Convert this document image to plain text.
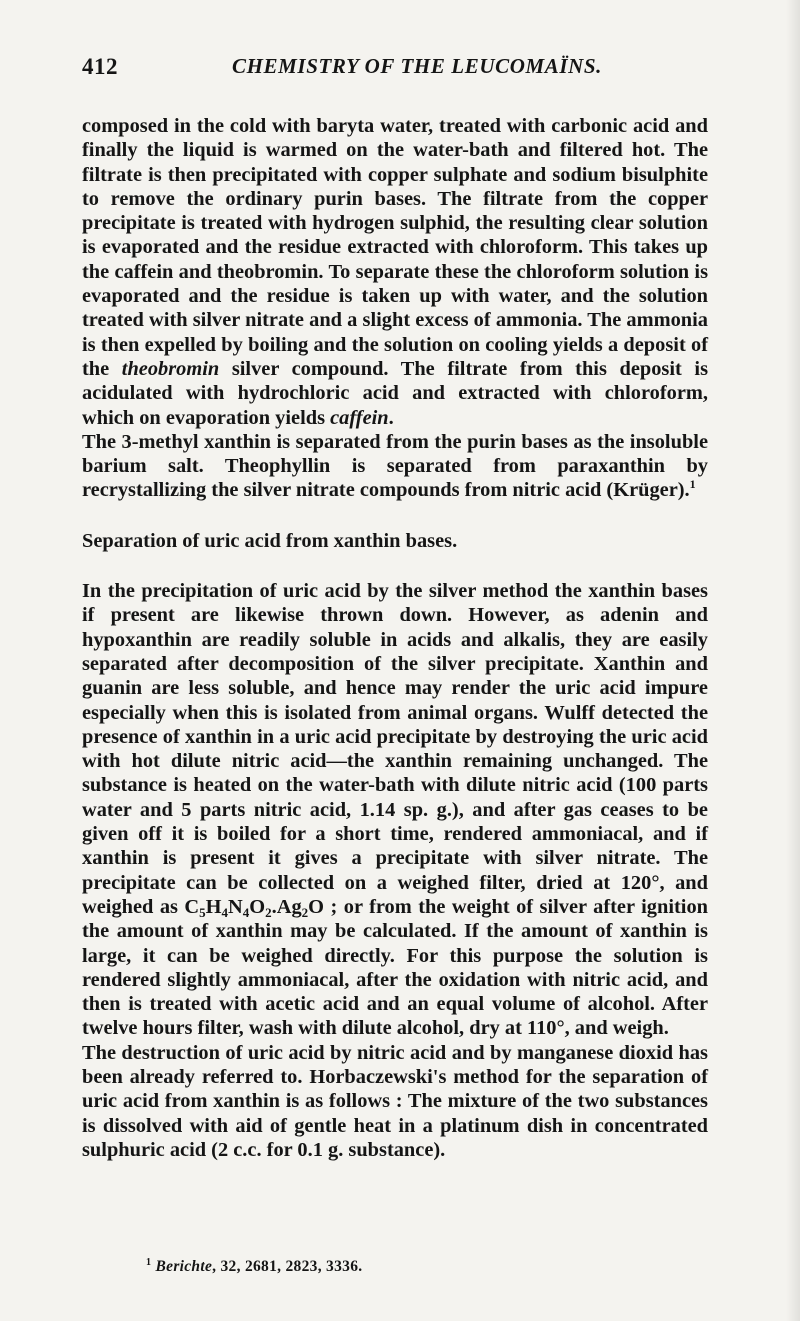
412	CHEMISTRY OF THE LEUCOMAÏNS.

composed in the cold with baryta water, treated with carbonic acid and finally the liquid is warmed on the water-bath and filtered hot. The filtrate is then precipitated with copper sulphate and sodium bisulphite to remove the ordinary purin bases. The filtrate from the copper precipitate is treated with hydrogen sulphid, the resulting clear solution is evaporated and the residue extracted with chloroform. This takes up the caffein and theobromin. To separate these the chloroform solution is evaporated and the residue is taken up with water, and the solution treated with silver nitrate and a slight excess of ammonia. The ammonia is then expelled by boiling and the solution on cooling yields a deposit of the theobromin silver compound. The filtrate from this deposit is acidulated with hydrochloric acid and extracted with chloroform, which on evaporation yields caffein.

The 3-methyl xanthin is separated from the purin bases as the insoluble barium salt. Theophyllin is separated from paraxanthin by recrystallizing the silver nitrate compounds from nitric acid (Krüger).$^1$

Separation of uric acid from xanthin bases.

In the precipitation of uric acid by the silver method the xanthin bases if present are likewise thrown down. However, as adenin and hypoxanthin are readily soluble in acids and alkalis, they are easily separated after decomposition of the silver precipitate. Xanthin and guanin are less soluble, and hence may render the uric acid impure especially when this is isolated from animal organs. Wulff detected the presence of xanthin in a uric acid precipitate by destroying the uric acid with hot dilute nitric acid—the xanthin remaining unchanged. The substance is heated on the water-bath with dilute nitric acid (100 parts water and 5 parts nitric acid, 1.14 sp. g.), and after gas ceases to be given off it is boiled for a short time, rendered ammoniacal, and if xanthin is present it gives a precipitate with silver nitrate. The precipitate can be collected on a weighed filter, dried at 120°, and weighed as $C_5H_4N_4O_2.Ag_2O$ ; or from the weight of silver after ignition the amount of xanthin may be calculated. If the amount of xanthin is large, it can be weighed directly. For this purpose the solution is rendered slightly ammoniacal, after the oxidation with nitric acid, and then is treated with acetic acid and an equal volume of alcohol. After twelve hours filter, wash with dilute alcohol, dry at 110°, and weigh.

The destruction of uric acid by nitric acid and by manganese dioxid has been already referred to. Horbaczewski's method for the separation of uric acid from xanthin is as follows : The mixture of the two substances is dissolved with aid of gentle heat in a platinum dish in concentrated sulphuric acid (2 c.c. for 0.1 g. substance).

$^1$ Berichte, 32, 2681, 2823, 3336.
